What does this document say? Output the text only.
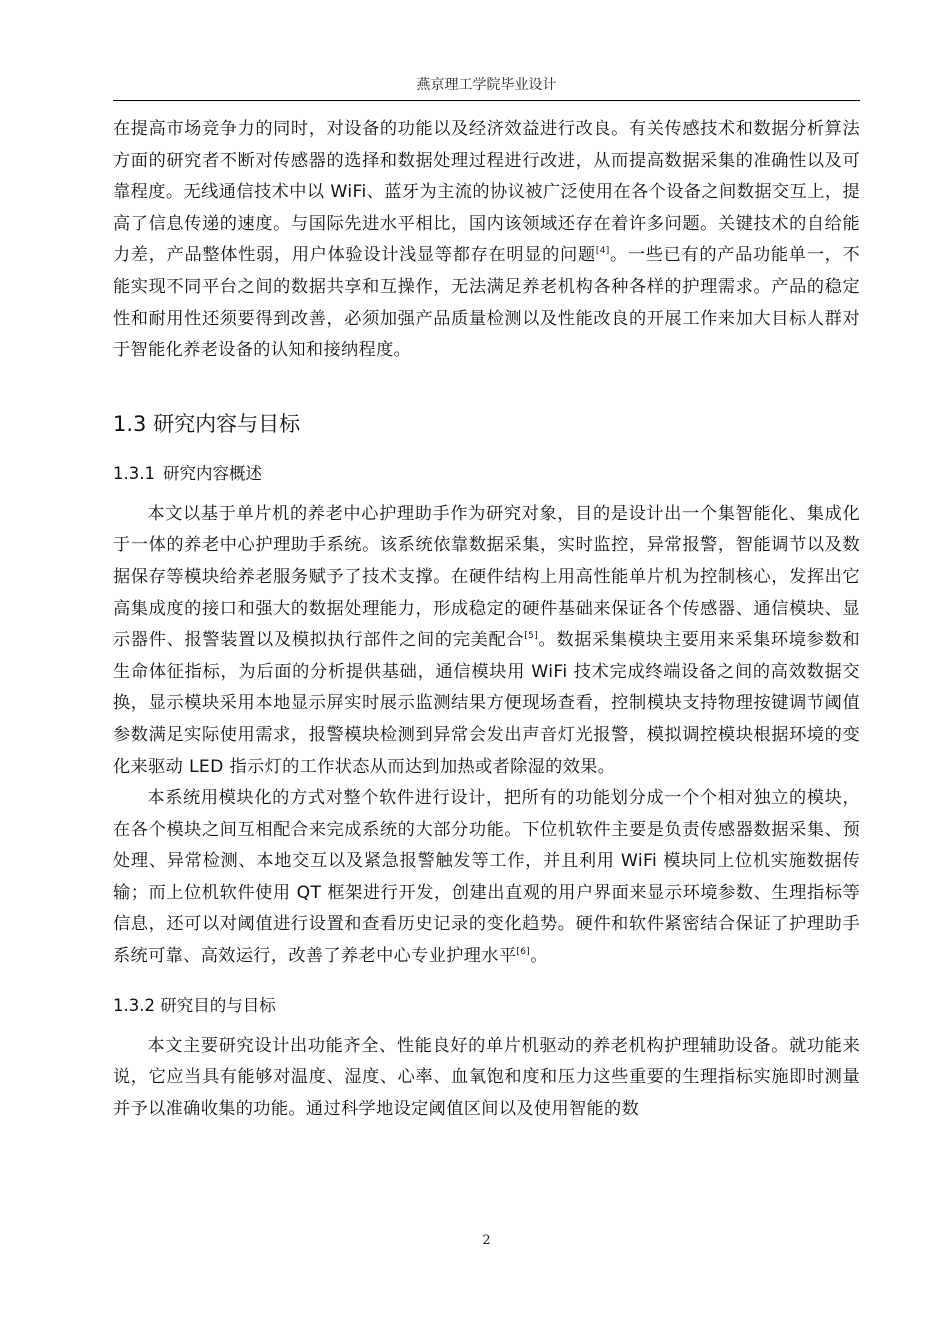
燕京理工学院毕业设计

在提高市场竞争力的同时，对设备的功能以及经济效益进行改良。有关传感技术和数据分析算法方面的研究者不断对传感器的选择和数据处理过程进行改进，从而提高数据采集的准确性以及可靠程度。无线通信技术中以 WiFi、蓝牙为主流的协议被广泛使用在各个设备之间数据交互上，提高了信息传递的速度。与国际先进水平相比，国内该领域还存在着许多问题。关键技术的自给能力差，产品整体性弱，用户体验设计浅显等都存在明显的问题[4]。一些已有的产品功能单一，不能实现不同平台之间的数据共享和互操作，无法满足养老机构各种各样的护理需求。产品的稳定性和耐用性还须要得到改善，必须加强产品质量检测以及性能改良的开展工作来加大目标人群对于智能化养老设备的认知和接纳程度。

1.3 研究内容与目标
1.3.1 研究内容概述

本文以基于单片机的养老中心护理助手作为研究对象，目的是设计出一个集智能化、集成化于一体的养老中心护理助手系统。该系统依靠数据采集，实时监控，异常报警，智能调节以及数据保存等模块给养老服务赋予了技术支撑。在硬件结构上用高性能单片机为控制核心，发挥出它高集成度的接口和强大的数据处理能力，形成稳定的硬件基础来保证各个传感器、通信模块、显示器件、报警装置以及模拟执行部件之间的完美配合[5]。数据采集模块主要用来采集环境参数和生命体征指标，为后面的分析提供基础，通信模块用 WiFi 技术完成终端设备之间的高效数据交换，显示模块采用本地显示屏实时展示监测结果方便现场查看，控制模块支持物理按键调节阈值参数满足实际使用需求，报警模块检测到异常会发出声音灯光报警，模拟调控模块根据环境的变化来驱动 LED 指示灯的工作状态从而达到加热或者除湿的效果。

本系统用模块化的方式对整个软件进行设计，把所有的功能划分成一个个相对独立的模块，在各个模块之间互相配合来完成系统的大部分功能。下位机软件主要是负责传感器数据采集、预处理、异常检测、本地交互以及紧急报警触发等工作，并且利用 WiFi 模块同上位机实施数据传输；而上位机软件使用 QT 框架进行开发，创建出直观的用户界面来显示环境参数、生理指标等信息，还可以对阈值进行设置和查看历史记录的变化趋势。硬件和软件紧密结合保证了护理助手系统可靠、高效运行，改善了养老中心专业护理水平[6]。

1.3.2 研究目的与目标

本文主要研究设计出功能齐全、性能良好的单片机驱动的养老机构护理辅助设备。就功能来说，它应当具有能够对温度、湿度、心率、血氧饱和度和压力这些重要的生理指标实施即时测量并予以准确收集的功能。通过科学地设定阈值区间以及使用智能的数

2
